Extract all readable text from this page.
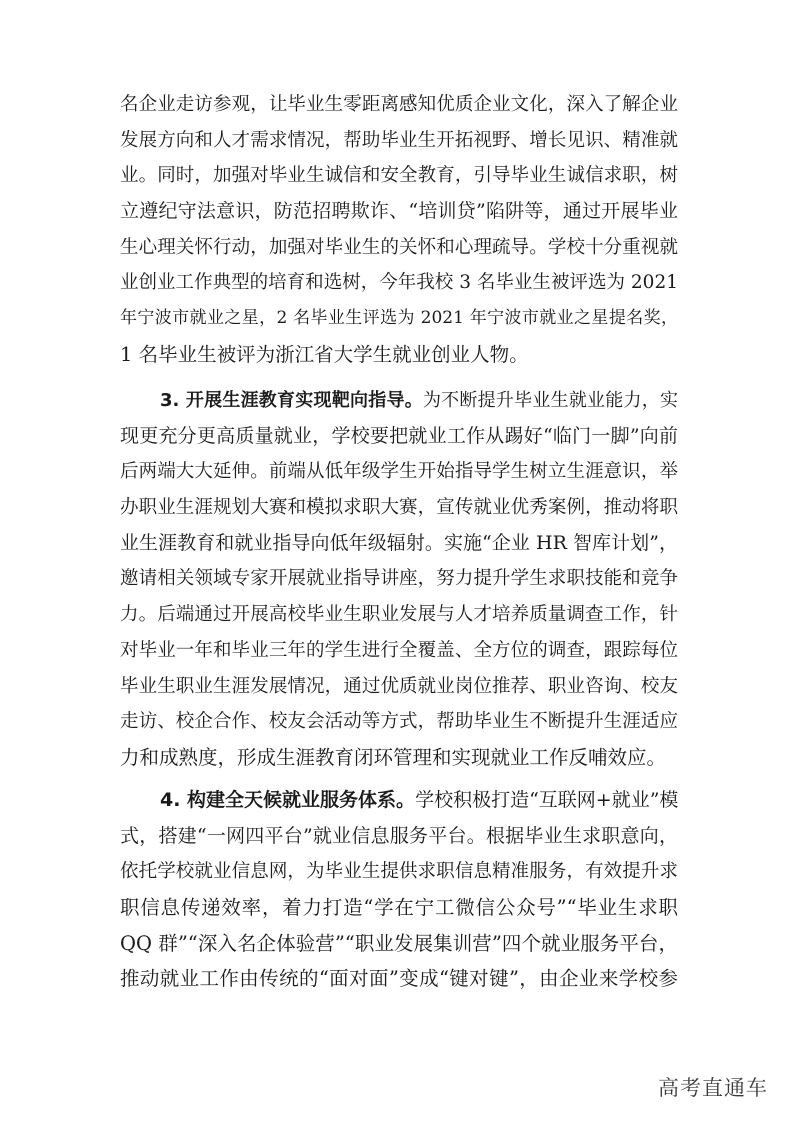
名企业走访参观，让毕业生零距离感知优质企业文化，深入了解企业
发展方向和人才需求情况，帮助毕业生开拓视野、增长见识、精准就
业。同时，加强对毕业生诚信和安全教育，引导毕业生诚信求职，树
立遵纪守法意识，防范招聘欺诈、“培训贷”陷阱等，通过开展毕业
生心理关怀行动，加强对毕业生的关怀和心理疏导。学校十分重视就
业创业工作典型的培育和选树，今年我校 3 名毕业生被评选为 2021
年宁波市就业之星，2 名毕业生评选为 2021 年宁波市就业之星提名奖，
1 名毕业生被评为浙江省大学生就业创业人物。
3. 开展生涯教育实现靶向指导。为不断提升毕业生就业能力，实
现更充分更高质量就业，学校要把就业工作从踢好“临门一脚”向前
后两端大大延伸。前端从低年级学生开始指导学生树立生涯意识，举
办职业生涯规划大赛和模拟求职大赛，宣传就业优秀案例，推动将职
业生涯教育和就业指导向低年级辐射。实施“企业 HR 智库计划”，
邀请相关领域专家开展就业指导讲座，努力提升学生求职技能和竞争
力。后端通过开展高校毕业生职业发展与人才培养质量调查工作，针
对毕业一年和毕业三年的学生进行全覆盖、全方位的调查，跟踪每位
毕业生职业生涯发展情况，通过优质就业岗位推荐、职业咨询、校友
走访、校企合作、校友会活动等方式，帮助毕业生不断提升生涯适应
力和成熟度，形成生涯教育闭环管理和实现就业工作反哺效应。
4. 构建全天候就业服务体系。学校积极打造“互联网+就业”模
式，搭建“一网四平台”就业信息服务平台。根据毕业生求职意向，
依托学校就业信息网，为毕业生提供求职信息精准服务，有效提升求
职信息传递效率，着力打造“学在宁工微信公众号”“毕业生求职
QQ 群”“深入名企体验营”“职业发展集训营”四个就业服务平台，
推动就业工作由传统的“面对面”变成“键对键”，由企业来学校参
高考直通车
